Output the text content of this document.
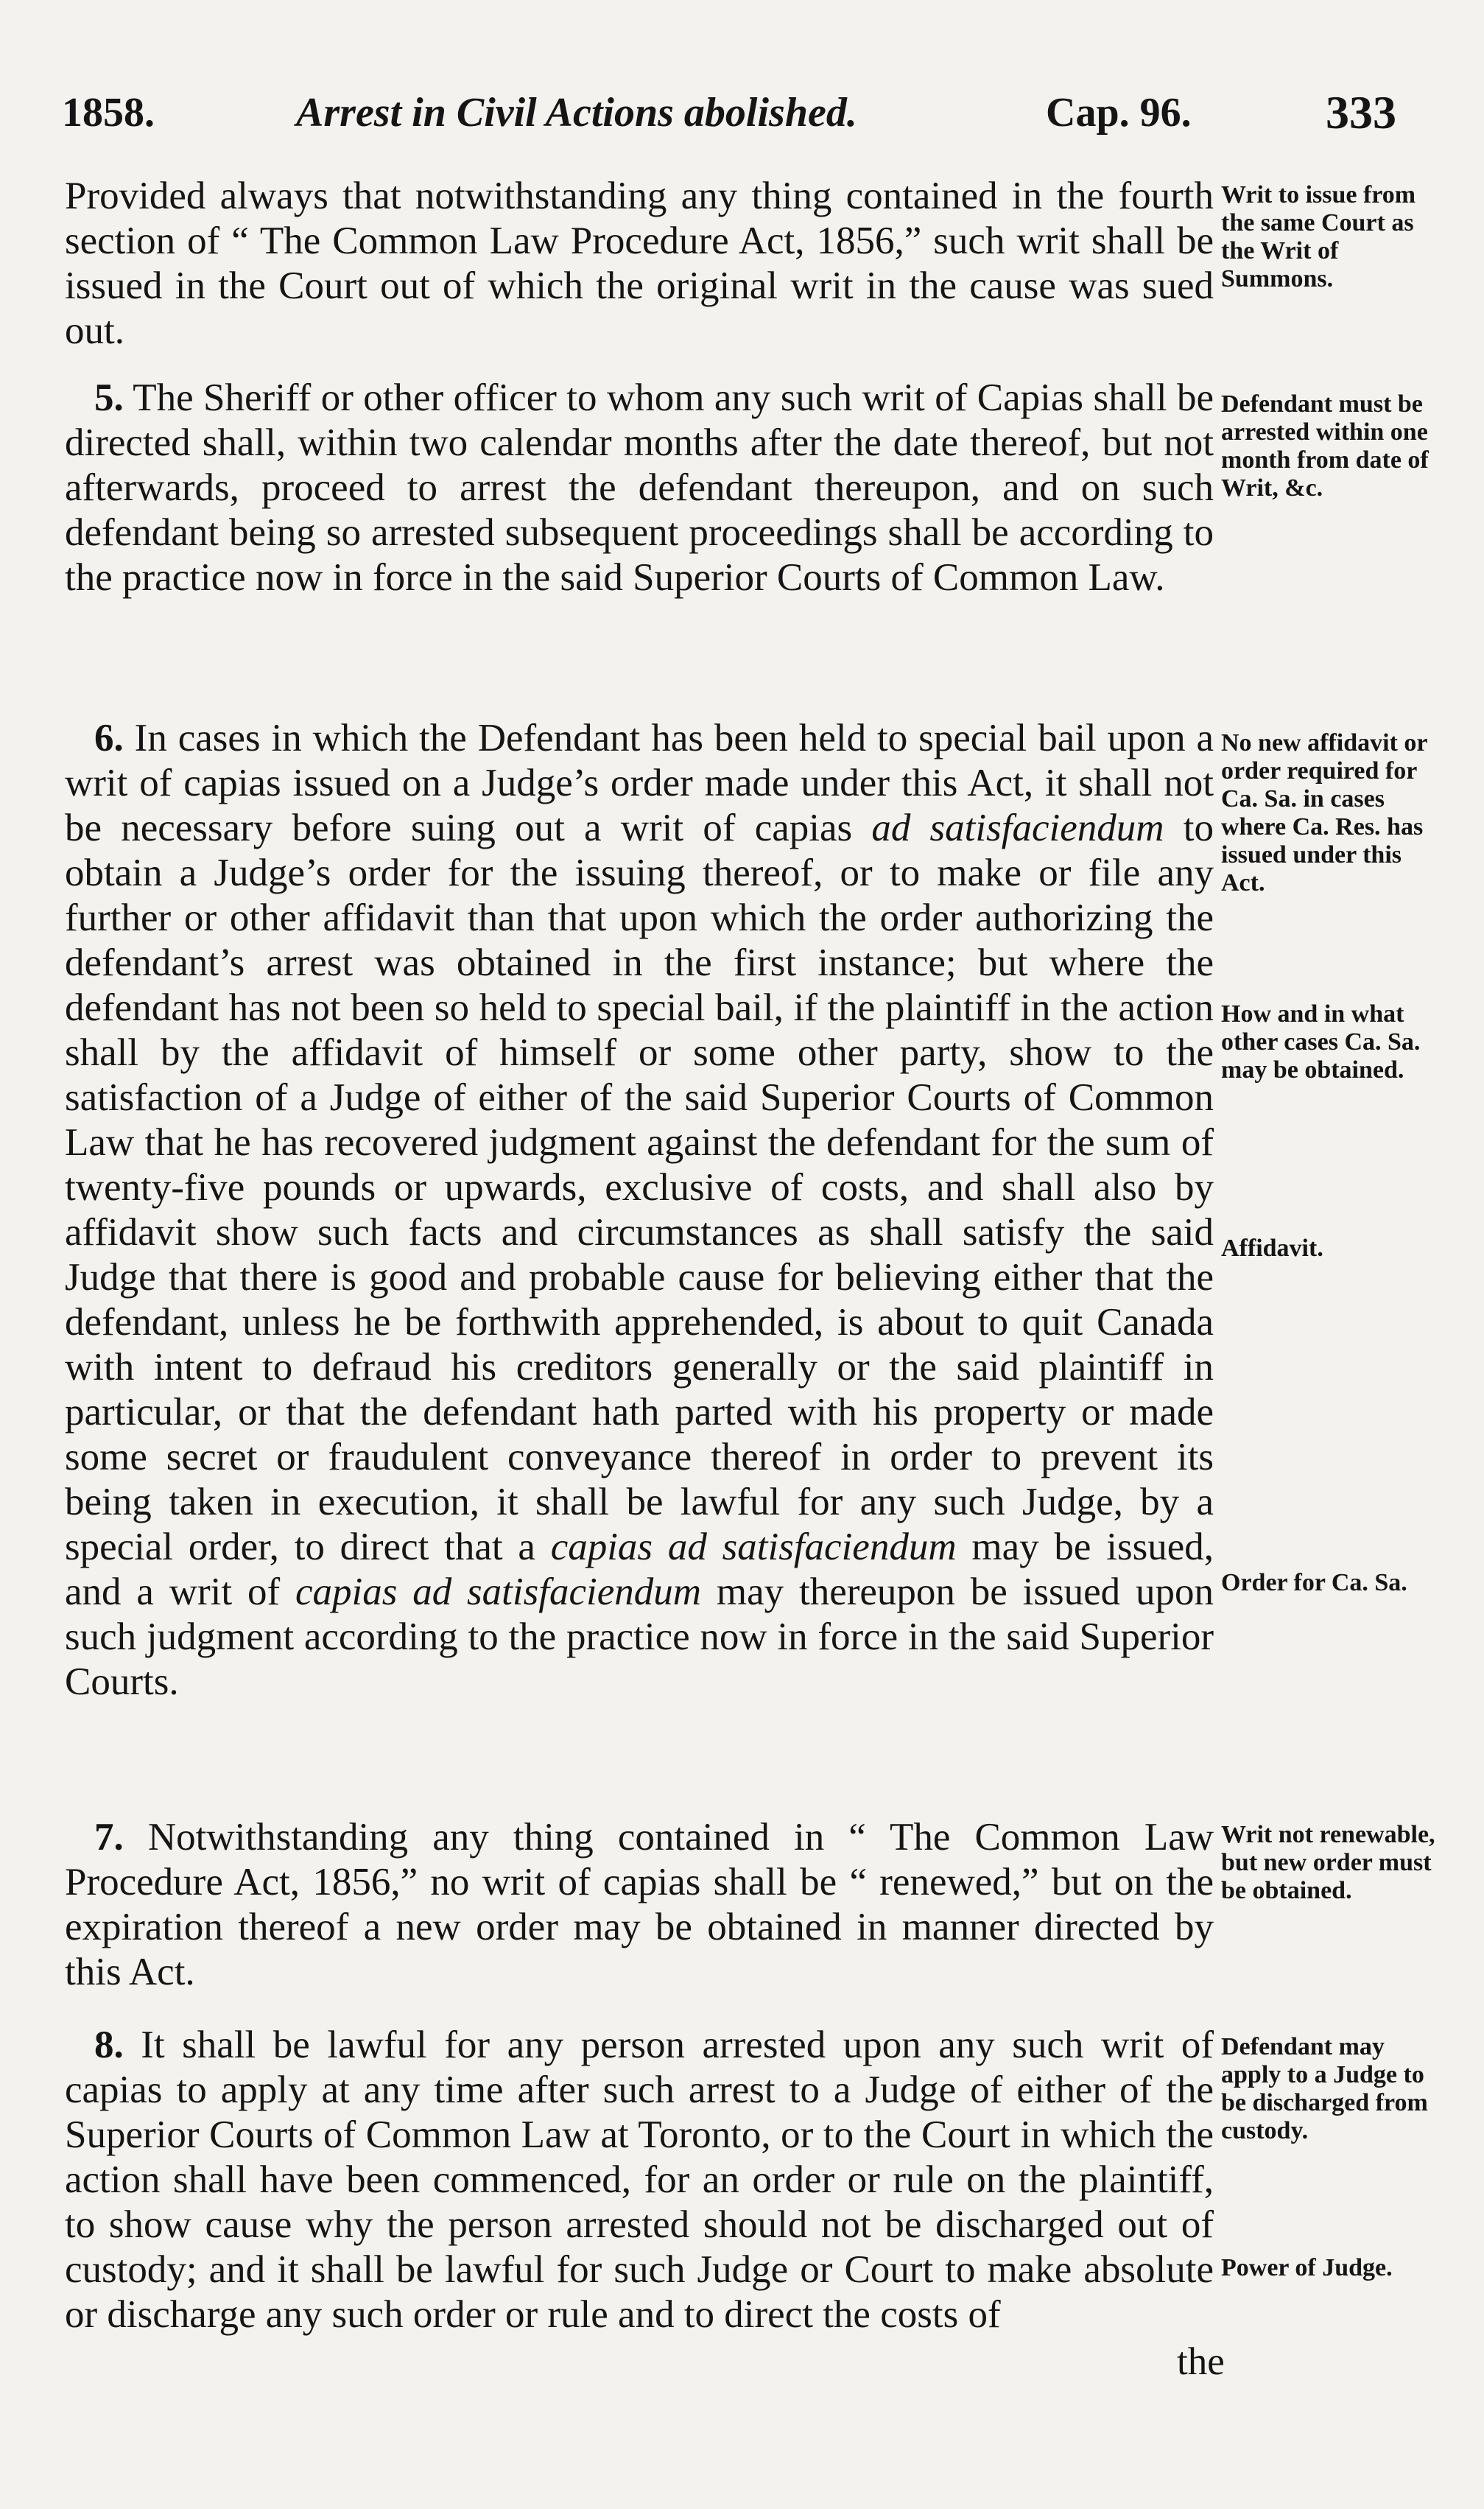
1858.	Arrest in Civil Actions abolished.	Cap. 96.	333

Provided always that notwithstanding any thing contained in the fourth section of “ The Common Law Procedure Act, 1856,” such writ shall be issued in the Court out of which the original writ in the cause was sued out.

5. The Sheriff or other officer to whom any such writ of Capias shall be directed shall, within two calendar months after the date thereof, but not afterwards, proceed to arrest the defendant thereupon, and on such defendant being so arrested subsequent proceedings shall be according to the practice now in force in the said Superior Courts of Common Law.

6. In cases in which the Defendant has been held to special bail upon a writ of capias issued on a Judge’s order made under this Act, it shall not be necessary before suing out a writ of capias ad satisfaciendum to obtain a Judge’s order for the issuing thereof, or to make or file any further or other affidavit than that upon which the order authorizing the defendant’s arrest was obtained in the first instance; but where the defendant has not been so held to special bail, if the plaintiff in the action shall by the affidavit of himself or some other party, show to the satisfaction of a Judge of either of the said Superior Courts of Common Law that he has recovered judgment against the defendant for the sum of twenty-five pounds or upwards, exclusive of costs, and shall also by affidavit show such facts and circumstances as shall satisfy the said Judge that there is good and probable cause for believing either that the defendant, unless he be forthwith apprehended, is about to quit Canada with intent to defraud his creditors generally or the said plaintiff in particular, or that the defendant hath parted with his property or made some secret or fraudulent conveyance thereof in order to prevent its being taken in execution, it shall be lawful for any such Judge, by a special order, to direct that a capias ad satisfaciendum may be issued, and a writ of capias ad satisfaciendum may thereupon be issued upon such judgment according to the practice now in force in the said Superior Courts.

7. Notwithstanding any thing contained in “ The Common Law Procedure Act, 1856,” no writ of capias shall be “ renewed,” but on the expiration thereof a new order may be obtained in manner directed by this Act.

8. It shall be lawful for any person arrested upon any such writ of capias to apply at any time after such arrest to a Judge of either of the Superior Courts of Common Law at Toronto, or to the Court in which the action shall have been commenced, for an order or rule on the plaintiff, to show cause why the person arrested should not be discharged out of custody; and it shall be lawful for such Judge or Court to make absolute or discharge any such order or rule and to direct the costs of

the
Writ to issue from the same Court as the Writ of Summons.
Defendant must be arrested within one month from date of Writ, &c.
No new affidavit or order required for Ca. Sa. in cases where Ca. Res. has issued under this Act.
How and in what other cases Ca. Sa. may be obtained.
Affidavit.
Order for Ca. Sa.
Writ not renewable, but new order must be obtained.
Defendant may apply to a Judge to be discharged from custody.
Power of Judge.
